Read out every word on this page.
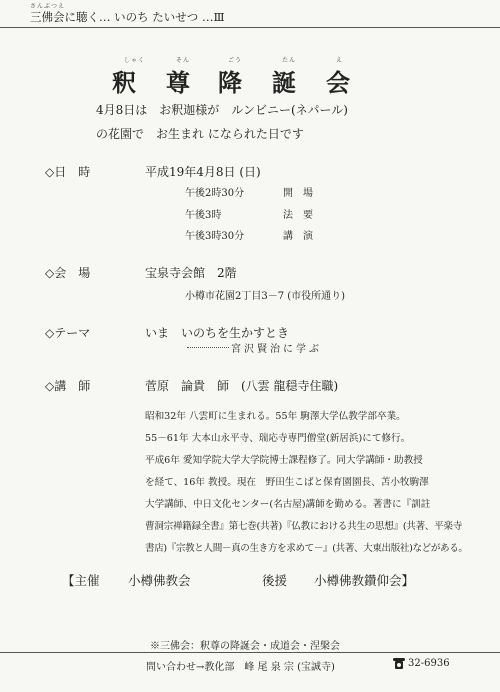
さんぶつえ
三佛会に聴く… いのち たいせつ …Ⅲ
しゃく	そん	ごう	たん	え
釈 尊 降 誕 会
4月8日は　お釈迦様が　ルンビニー(ネパール)
の花園で　お生まれ になられた日です
◇日　時	平成19年4月8日 (日)
午後2時30分	開　場
午後3時	法　要
午後3時30分	講　演
◇会　場	宝泉寺会館　2階
小樽市花園2丁目3－7 (市役所通り)
◇テーマ	いま　いのちを生かすとき
宮沢賢治に学ぶ
◇講　師	菅原　論貴　師　(八雲 龍穏寺住職)
昭和32年 八雲町に生まれる。55年 駒澤大学仏教学部卒業。
55－61年 大本山永平寺、瑞応寺専門僧堂(新居浜)にて修行。
平成6年 愛知学院大学大学院博士課程修了。同大学講師・助教授
を経て、16年 教授。現在　野田生こばと保育園園長、苫小牧駒澤
大学講師、中日文化センター(名古屋)講師を勤める。著書に『訓註
曹洞宗禅籍録全書』第七巻(共著)『仏教における共生の思想』(共著、平楽寺
書店)『宗教と人間－真の生き方を求めて－』(共著、大東出版社)などがある。
【主催 小樽佛教会	後援 小樽佛教鑽仰会】
※三佛会：釈尊の降誕会・成道会・涅槃会
問い合わせ→教化部　峰 尾 泉 宗 (宝誠寺)	32-6936
